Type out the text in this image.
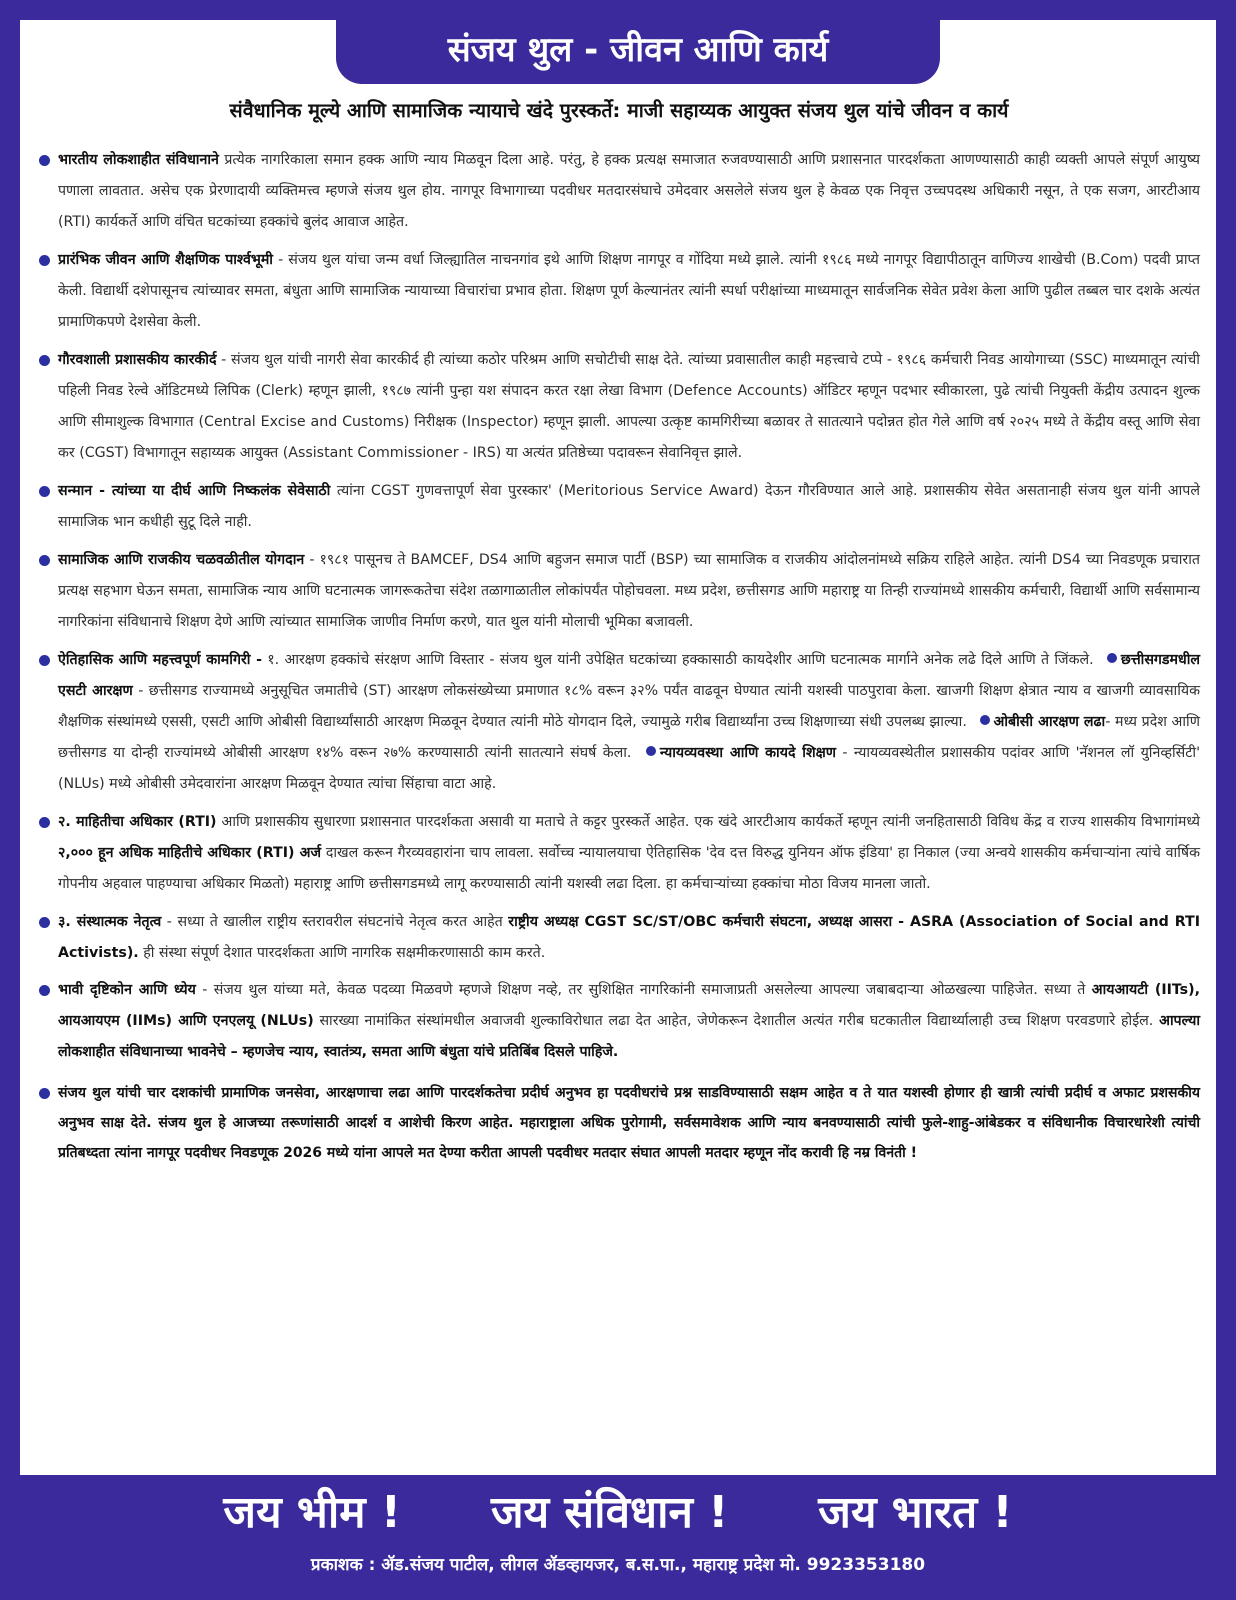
संजय थुल - जीवन आणि कार्य
संवैधानिक मूल्ये आणि सामाजिक न्यायाचे खंदे पुरस्कर्ते: माजी सहाय्यक आयुक्त संजय थुल यांचे जीवन व कार्य
भारतीय लोकशाहीत संविधानाने प्रत्येक नागरिकाला समान हक्क आणि न्याय मिळवून दिला आहे. परंतु, हे हक्क प्रत्यक्ष समाजात रुजवण्यासाठी आणि प्रशासनात पारदर्शकता आणण्यासाठी काही व्यक्ती आपले संपूर्ण आयुष्य पणाला लावतात. असेच एक प्रेरणादायी व्यक्तिमत्त्व म्हणजे संजय थुल होय. नागपूर विभागाच्या पदवीधर मतदारसंघाचे उमेदवार असलेले संजय थुल हे केवळ एक निवृत्त उच्चपदस्थ अधिकारी नसून, ते एक सजग, आरटीआय (RTI) कार्यकर्ते आणि वंचित घटकांच्या हक्कांचे बुलंद आवाज आहेत.
प्रारंभिक जीवन आणि शैक्षणिक पार्श्वभूमी - संजय थुल यांचा जन्म वर्धा जिल्ह्यातिल नाचनगांव इथे आणि शिक्षण नागपूर व गोंदिया मध्ये झाले. त्यांनी १९८६ मध्ये नागपूर विद्यापीठातून वाणिज्य शाखेची (B.Com) पदवी प्राप्त केली. विद्यार्थी दशेपासूनच त्यांच्यावर समता, बंधुता आणि सामाजिक न्यायाच्या विचारांचा प्रभाव होता. शिक्षण पूर्ण केल्यानंतर त्यांनी स्पर्धा परीक्षांच्या माध्यमातून सार्वजनिक सेवेत प्रवेश केला आणि पुढील तब्बल चार दशके अत्यंत प्रामाणिकपणे देशसेवा केली.
गौरवशाली प्रशासकीय कारकीर्द - संजय थुल यांची नागरी सेवा कारकीर्द ही त्यांच्या कठोर परिश्रम आणि सचोटीची साक्ष देते. त्यांच्या प्रवासातील काही महत्त्वाचे टप्पे - १९८६ कर्मचारी निवड आयोगाच्या (SSC) माध्यमातून त्यांची पहिली निवड रेल्वे ऑडिटमध्ये लिपिक (Clerk) म्हणून झाली, १९८७ त्यांनी पुन्हा यश संपादन करत रक्षा लेखा विभाग (Defence Accounts) ऑडिटर म्हणून पदभार स्वीकारला, पुढे त्यांची नियुक्ती केंद्रीय उत्पादन शुल्क आणि सीमाशुल्क विभागात (Central Excise and Customs) निरीक्षक (Inspector) म्हणून झाली. आपल्या उत्कृष्ट कामगिरीच्या बळावर ते सातत्याने पदोन्नत होत गेले आणि वर्ष २०२५ मध्ये ते केंद्रीय वस्तू आणि सेवा कर (CGST) विभागातून सहाय्यक आयुक्त (Assistant Commissioner - IRS) या अत्यंत प्रतिष्ठेच्या पदावरून सेवानिवृत्त झाले.
सन्मान - त्यांच्या या दीर्घ आणि निष्कलंक सेवेसाठी त्यांना CGST गुणवत्तापूर्ण सेवा पुरस्कार' (Meritorious Service Award) देऊन गौरविण्यात आले आहे. प्रशासकीय सेवेत असतानाही संजय थुल यांनी आपले सामाजिक भान कधीही सुटू दिले नाही.
सामाजिक आणि राजकीय चळवळीतील योगदान - १९८१ पासूनच ते BAMCEF, DS4 आणि बहुजन समाज पार्टी (BSP) च्या सामाजिक व राजकीय आंदोलनांमध्ये सक्रिय राहिले आहेत. त्यांनी DS4 च्या निवडणूक प्रचारात प्रत्यक्ष सहभाग घेऊन समता, सामाजिक न्याय आणि घटनात्मक जागरूकतेचा संदेश तळागाळातील लोकांपर्यंत पोहोचवला. मध्य प्रदेश, छत्तीसगड आणि महाराष्ट्र या तिन्ही राज्यांमध्ये शासकीय कर्मचारी, विद्यार्थी आणि सर्वसामान्य नागरिकांना संविधानाचे शिक्षण देणे आणि त्यांच्यात सामाजिक जाणीव निर्माण करणे, यात थुल यांनी मोलाची भूमिका बजावली.
ऐतिहासिक आणि महत्त्वपूर्ण कामगिरी - १. आरक्षण हक्कांचे संरक्षण आणि विस्तार - संजय थुल यांनी उपेक्षित घटकांच्या हक्कासाठी कायदेशीर आणि घटनात्मक मार्गाने अनेक लढे दिले आणि ते जिंकले. छत्तीसगडमधील एसटी आरक्षण - छत्तीसगड राज्यामध्ये अनुसूचित जमातीचे (ST) आरक्षण लोकसंख्येच्या प्रमाणात १८% वरून ३२% पर्यंत वाढवून घेण्यात त्यांनी यशस्वी पाठपुरावा केला. खाजगी शिक्षण क्षेत्रात न्याय व खाजगी व्यावसायिक शैक्षणिक संस्थांमध्ये एससी, एसटी आणि ओबीसी विद्यार्थ्यांसाठी आरक्षण मिळवून देण्यात त्यांनी मोठे योगदान दिले, ज्यामुळे गरीब विद्यार्थ्यांना उच्च शिक्षणाच्या संधी उपलब्ध झाल्या. ओबीसी आरक्षण लढा- मध्य प्रदेश आणि छत्तीसगड या दोन्ही राज्यांमध्ये ओबीसी आरक्षण १४% वरून २७% करण्यासाठी त्यांनी सातत्याने संघर्ष केला. न्यायव्यवस्था आणि कायदे शिक्षण - न्यायव्यवस्थेतील प्रशासकीय पदांवर आणि 'नॅशनल लॉ युनिव्हर्सिटी' (NLUs) मध्ये ओबीसी उमेदवारांना आरक्षण मिळवून देण्यात त्यांचा सिंहाचा वाटा आहे.
२. माहितीचा अधिकार (RTI) आणि प्रशासकीय सुधारणा प्रशासनात पारदर्शकता असावी या मताचे ते कट्टर पुरस्कर्ते आहेत. एक खंदे आरटीआय कार्यकर्ते म्हणून त्यांनी जनहितासाठी विविध केंद्र व राज्य शासकीय विभागांमध्ये २,००० हून अधिक माहितीचे अधिकार (RTI) अर्ज दाखल करून गैरव्यवहारांना चाप लावला. सर्वोच्च न्यायालयाचा ऐतिहासिक 'देव दत्त विरुद्ध युनियन ऑफ इंडिया' हा निकाल (ज्या अन्वये शासकीय कर्मचाऱ्यांना त्यांचे वार्षिक गोपनीय अहवाल पाहण्याचा अधिकार मिळतो) महाराष्ट्र आणि छत्तीसगडमध्ये लागू करण्यासाठी त्यांनी यशस्वी लढा दिला. हा कर्मचाऱ्यांच्या हक्कांचा मोठा विजय मानला जातो.
३. संस्थात्मक नेतृत्व - सध्या ते खालील राष्ट्रीय स्तरावरील संघटनांचे नेतृत्व करत आहेत राष्ट्रीय अध्यक्ष CGST SC/ST/OBC कर्मचारी संघटना, अध्यक्ष आसरा - ASRA (Association of Social and RTI Activists). ही संस्था संपूर्ण देशात पारदर्शकता आणि नागरिक सक्षमीकरणासाठी काम करते.
भावी दृष्टिकोन आणि ध्येय - संजय थुल यांच्या मते, केवळ पदव्या मिळवणे म्हणजे शिक्षण नव्हे, तर सुशिक्षित नागरिकांनी समाजाप्रती असलेल्या आपल्या जबाबदाऱ्या ओळखल्या पाहिजेत. सध्या ते आयआयटी (IITs), आयआयएम (IIMs) आणि एनएलयू (NLUs) सारख्या नामांकित संस्थांमधील अवाजवी शुल्काविरोधात लढा देत आहेत, जेणेकरून देशातील अत्यंत गरीब घटकातील विद्यार्थ्यालाही उच्च शिक्षण परवडणारे होईल. आपल्या लोकशाहीत संविधानाच्या भावनेचे – म्हणजेच न्याय, स्वातंत्र्य, समता आणि बंधुता यांचे प्रतिबिंब दिसले पाहिजे.
संजय थुल यांची चार दशकांची प्रामाणिक जनसेवा, आरक्षणाचा लढा आणि पारदर्शकतेचा प्रदीर्घ अनुभव हा पदवीधरांचे प्रश्न साडविण्यासाठी सक्षम आहेत व ते यात यशस्वी होणार ही खात्री त्यांची प्रदीर्घ व अफाट प्रशसकीय अनुभव साक्ष देते. संजय थुल हे आजच्या तरूणांसाठी आदर्श व आशेची किरण आहेत. महाराष्ट्राला अधिक पुरोगामी, सर्वसमावेशक आणि न्याय बनवण्यासाठी त्यांची फुले-शाहु-आंबेडकर व संविधानीक विचारधारेशी त्यांची प्रतिबध्दता त्यांना नागपूर पदवीधर निवडणूक 2026 मध्ये यांना आपले मत देण्या करीता आपली पदवीधर मतदार संघात आपली मतदार म्हणून नोंद करावी हि नम्र विनंती !
जय भीम ! जय संविधान ! जय भारत !
प्रकाशक : ॲड.संजय पाटील, लीगल ॲडव्हायजर, ब.स.पा., महाराष्ट्र प्रदेश मो. 9923353180
